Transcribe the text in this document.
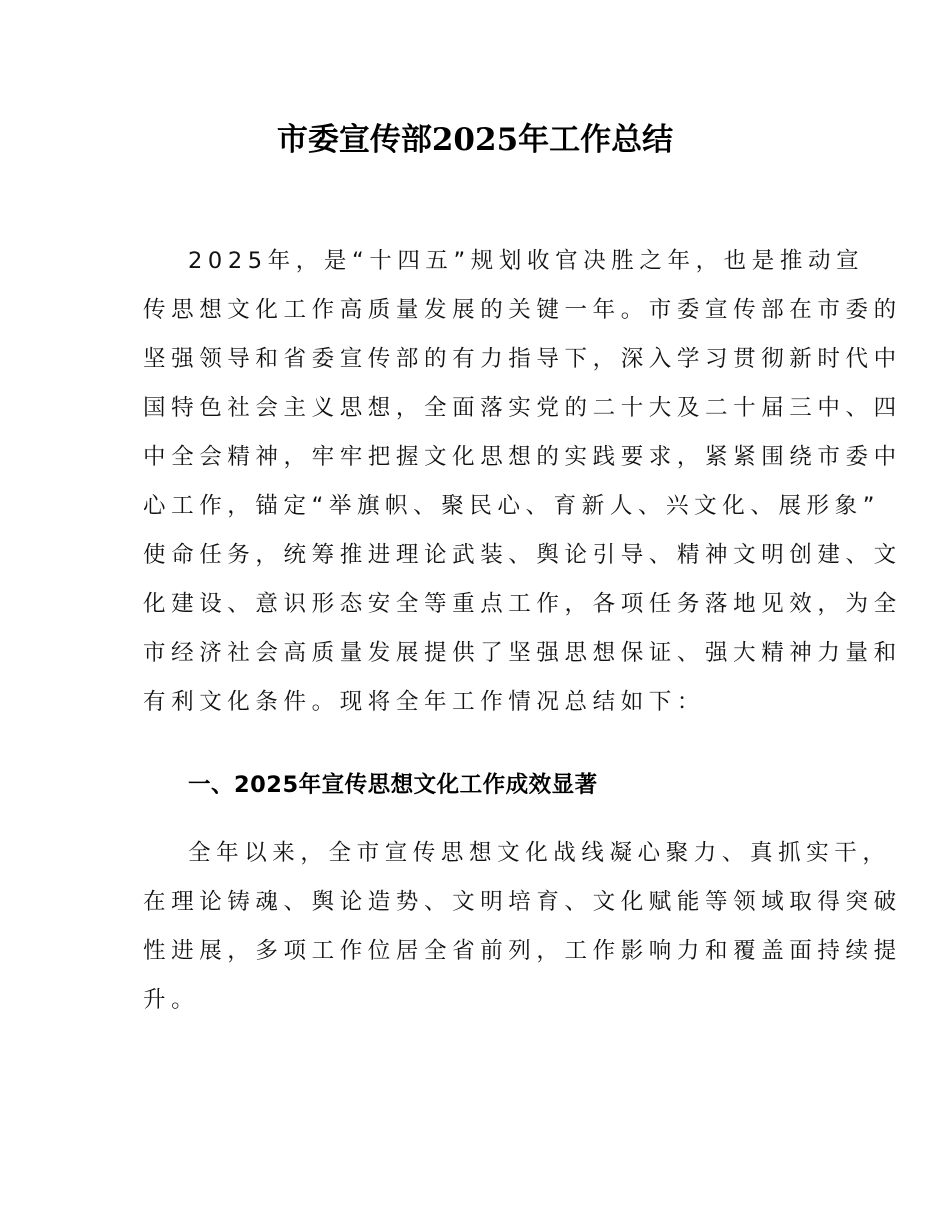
市委宣传部2025年工作总结
2025年，是“十四五”规划收官决胜之年，也是推动宣
传思想文化工作高质量发展的关键一年。市委宣传部在市委的
坚强领导和省委宣传部的有力指导下，深入学习贯彻新时代中
国特色社会主义思想，全面落实党的二十大及二十届三中、四
中全会精神，牢牢把握文化思想的实践要求，紧紧围绕市委中
心工作，锚定“举旗帜、聚民心、育新人、兴文化、展形象”
使命任务，统筹推进理论武装、舆论引导、精神文明创建、文
化建设、意识形态安全等重点工作，各项任务落地见效，为全
市经济社会高质量发展提供了坚强思想保证、强大精神力量和
有利文化条件。现将全年工作情况总结如下：
一、2025年宣传思想文化工作成效显著
全年以来，全市宣传思想文化战线凝心聚力、真抓实干，
在理论铸魂、舆论造势、文明培育、文化赋能等领域取得突破
性进展，多项工作位居全省前列，工作影响力和覆盖面持续提
升。
